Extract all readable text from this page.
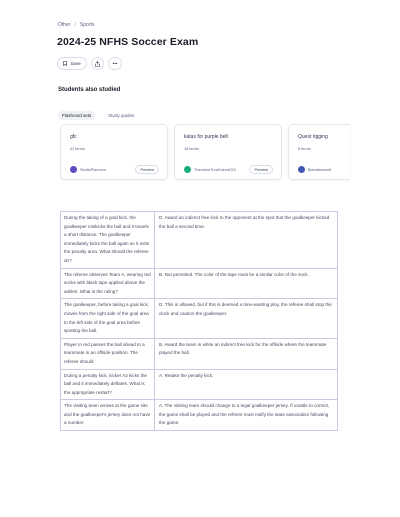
Other / Sports
2024-25 NFHS Soccer Exam
Save	•••
Students also studied
Flashcard sets	Study guides
gfc
41 terms
StudioPlanners	Preview
katas for purple belt
15 terms
TheodoreTuraSoinez024	Preview
Quest rigging
8 terms
Blandlanesoft
During the taking of a goal kick, the goalkeeper miskicks the ball and it travels a short distance. The goalkeeper immediately kicks the ball again so it exits the penalty area. What should the referee do?	D. Award an indirect free kick to the opponent at the spot that the goalkeeper kicked the ball a second time.
The referee observes Team A, wearing red socks with black tape applied above the ankles. What is the ruling?	B. Not permitted. The color of the tape must be a similar color of the sock.
The goalkeeper, before taking a goal kick, moves from the right side of the goal area to the left side of the goal area before spotting the ball.	D. This is allowed, but if this is deemed a time-wasting ploy, the referee shall stop the clock and caution the goalkeeper.
Player in red passes the ball ahead to a teammate in an offside position. The referee should	B. Award the team in white an indirect free kick for the offside where the teammate played the ball.
During a penalty kick, kicker A2 kicks the ball and it immediately deflates. What is the appropriate restart?	A. Retake the penalty kick.
The visiting team arrives at the game site and the goalkeeper's jersey does not have a number.	A. The visiting team should change to a legal goalkeeper jersey. If unable to correct, the game shall be played and the referee must notify the state association following the game.
